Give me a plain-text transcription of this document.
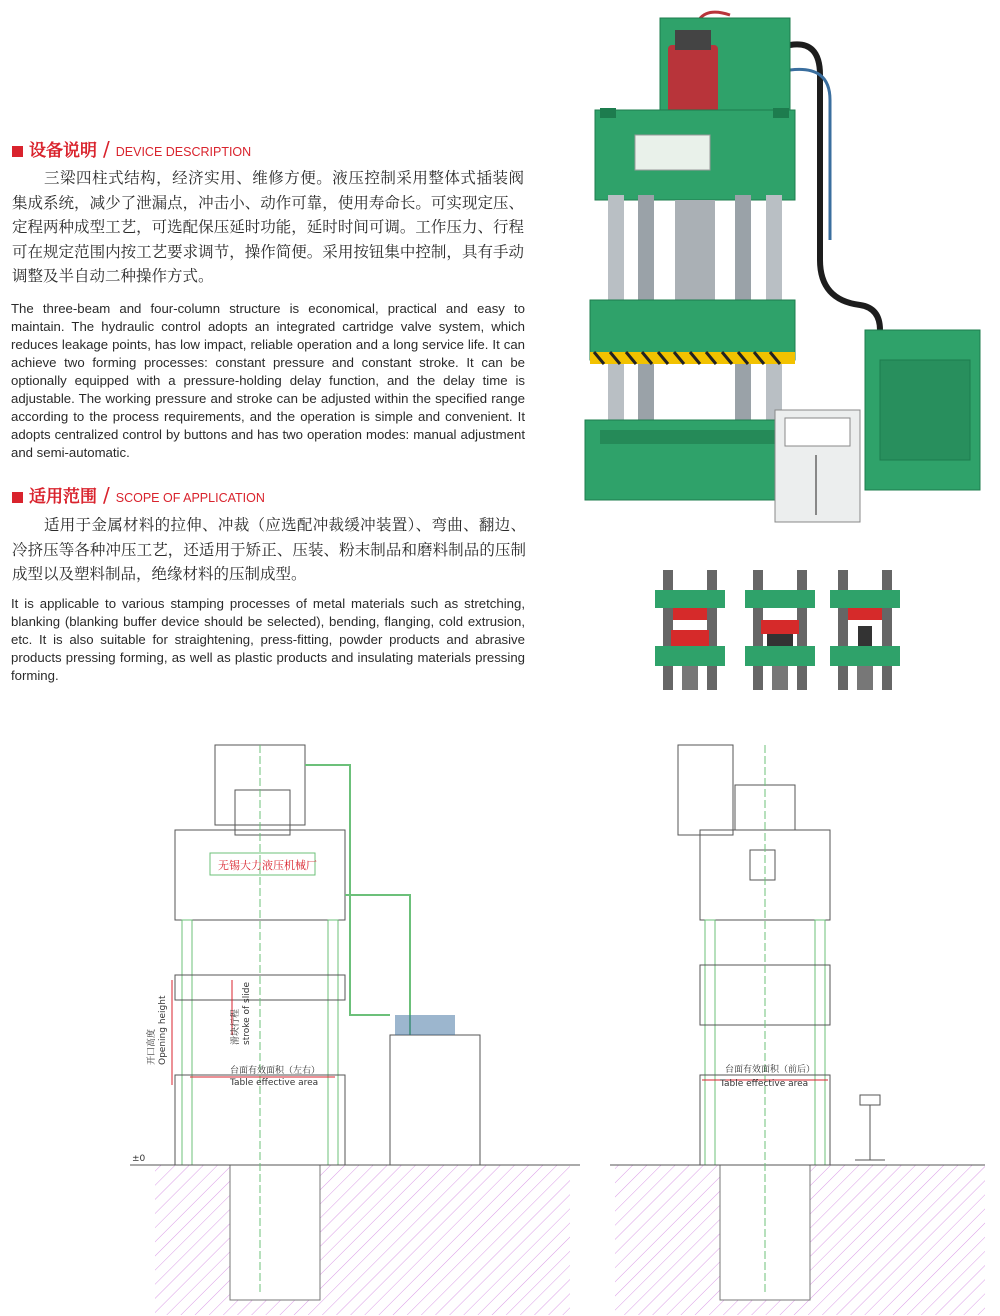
设备说明 / DEVICE DESCRIPTION
三梁四柱式结构，经济实用、维修方便。液压控制采用整体式插装阀集成系统，减少了泄漏点，冲击小、动作可靠，使用寿命长。可实现定压、定程两种成型工艺，可选配保压延时功能，延时时间可调。工作压力、行程可在规定范围内按工艺要求调节，操作简便。采用按钮集中控制，具有手动调整及半自动二种操作方式。
The three-beam and four-column structure is economical, practical and easy to maintain. The hydraulic control adopts an integrated cartridge valve system, which reduces leakage points, has low impact, reliable operation and a long service life. It can achieve two forming processes: constant pressure and constant stroke. It can be optionally equipped with a pressure-holding delay function, and the delay time is adjustable. The working pressure and stroke can be adjusted within the specified range according to the process requirements, and the operation is simple and convenient. It adopts centralized control by buttons and has two operation modes: manual adjustment and semi-automatic.
适用范围 / SCOPE OF APPLICATION
适用于金属材料的拉伸、冲裁（应选配冲裁缓冲装置）、弯曲、翻边、冷挤压等各种冲压工艺，还适用于矫正、压装、粉末制品和磨料制品的压制成型以及塑料制品，绝缘材料的压制成型。
It is applicable to various stamping processes of metal materials such as stretching, blanking (blanking buffer device should be selected), bending, flanging, cold extrusion, etc. It is also suitable for straightening, press-fitting, powder products and abrasive products pressing forming, as well as plastic products and insulating materials pressing forming.
无锡大力液压机械厂
开口高度 Opening height	滑块行程 stroke of slide
台面有效面积（左右）
Table effective area
±0
台面有效面积（前后）
Table effective area
